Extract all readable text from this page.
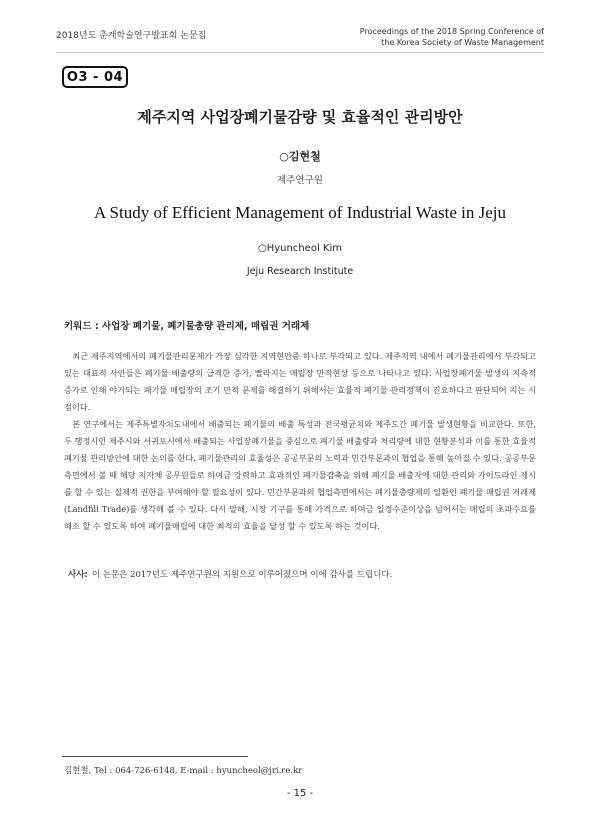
2018년도 춘계학술연구발표회 논문집	Proceedings of the 2018 Spring Conference of
the Korea Society of Waste Management
O3 - 04
제주지역 사업장폐기물감량 및 효율적인 관리방안
○김현철
제주연구원
A Study of Efficient Management of Industrial Waste in Jeju
○Hyuncheol Kim
Jeju Research Institute
키워드 : 사업장 폐기물, 폐기물총량 관리제, 매립권 거래제

최근 제주지역에서의 폐기물관리문제가 가장 심각한 지역현안중 하나로 부각되고 있다. 제주지역 내에서 폐기물관리에서 부각되고 있는 대표적 사안들은 폐기물 배출량의 급격한 증가, 빨라지는 매립장 만적현상 등으로 나타나고 있다. 사업장폐기물 발생의 지속적 증가로 인해 야기되는 폐기물 매립장의 조기 만적 문제를 해결하기 위해서는 효율적 폐기물 관리정책이 긴요하다고 판단되어 지는 시점이다.

본 연구에서는 제주특별자치도내에서 배출되는 폐기물의 배출 특성과 전국평균치와 제주도간 폐기물 발생현황을 비교한다. 또한, 두 행정시인 제주시와 서귀포시에서 배출되는 사업장폐기물을 중심으로 폐기물 배출량과 처리량에 대한 현황분석과 이를 통한 효율적 폐기물 관리방안에 대한 논의를 한다. 폐기물관리의 효율성은 공공부문의 노력과 민간부문과의 협업을 통해 높아질 수 있다. 공공부문측면에서 볼 때 해당 지자체 공무원들로 하여금 강력하고 효과적인 폐기물감축을 위해 폐기물 배출자에 대한 관리와 가이드라인 제시를 할 수 있는 실재적 권한을 부여해야 할 필요성이 있다. 민간부문과의 협업측면에서는 폐기물총량제의 일환인 폐기물 매립권 거래제(Landfill Trade)를 생각해 볼 수 있다. 다시 말해, 시장 기구를 통해 가격으로 하여금 일정수준이상을 넘어서는 매립의 초과수요를 해소 할 수 있도록 하여 폐기물매립에 대한 최적의 효율을 달성 할 수 있도록 하는 것이다.

사사: 이 논문은 2017년도 제주연구원의 지원으로 이루어졌으며 이에 감사를 드립니다.
김현철, Tel : 064-726-6148, E-mail : hyuncheol@jri.re.kr
- 15 -
